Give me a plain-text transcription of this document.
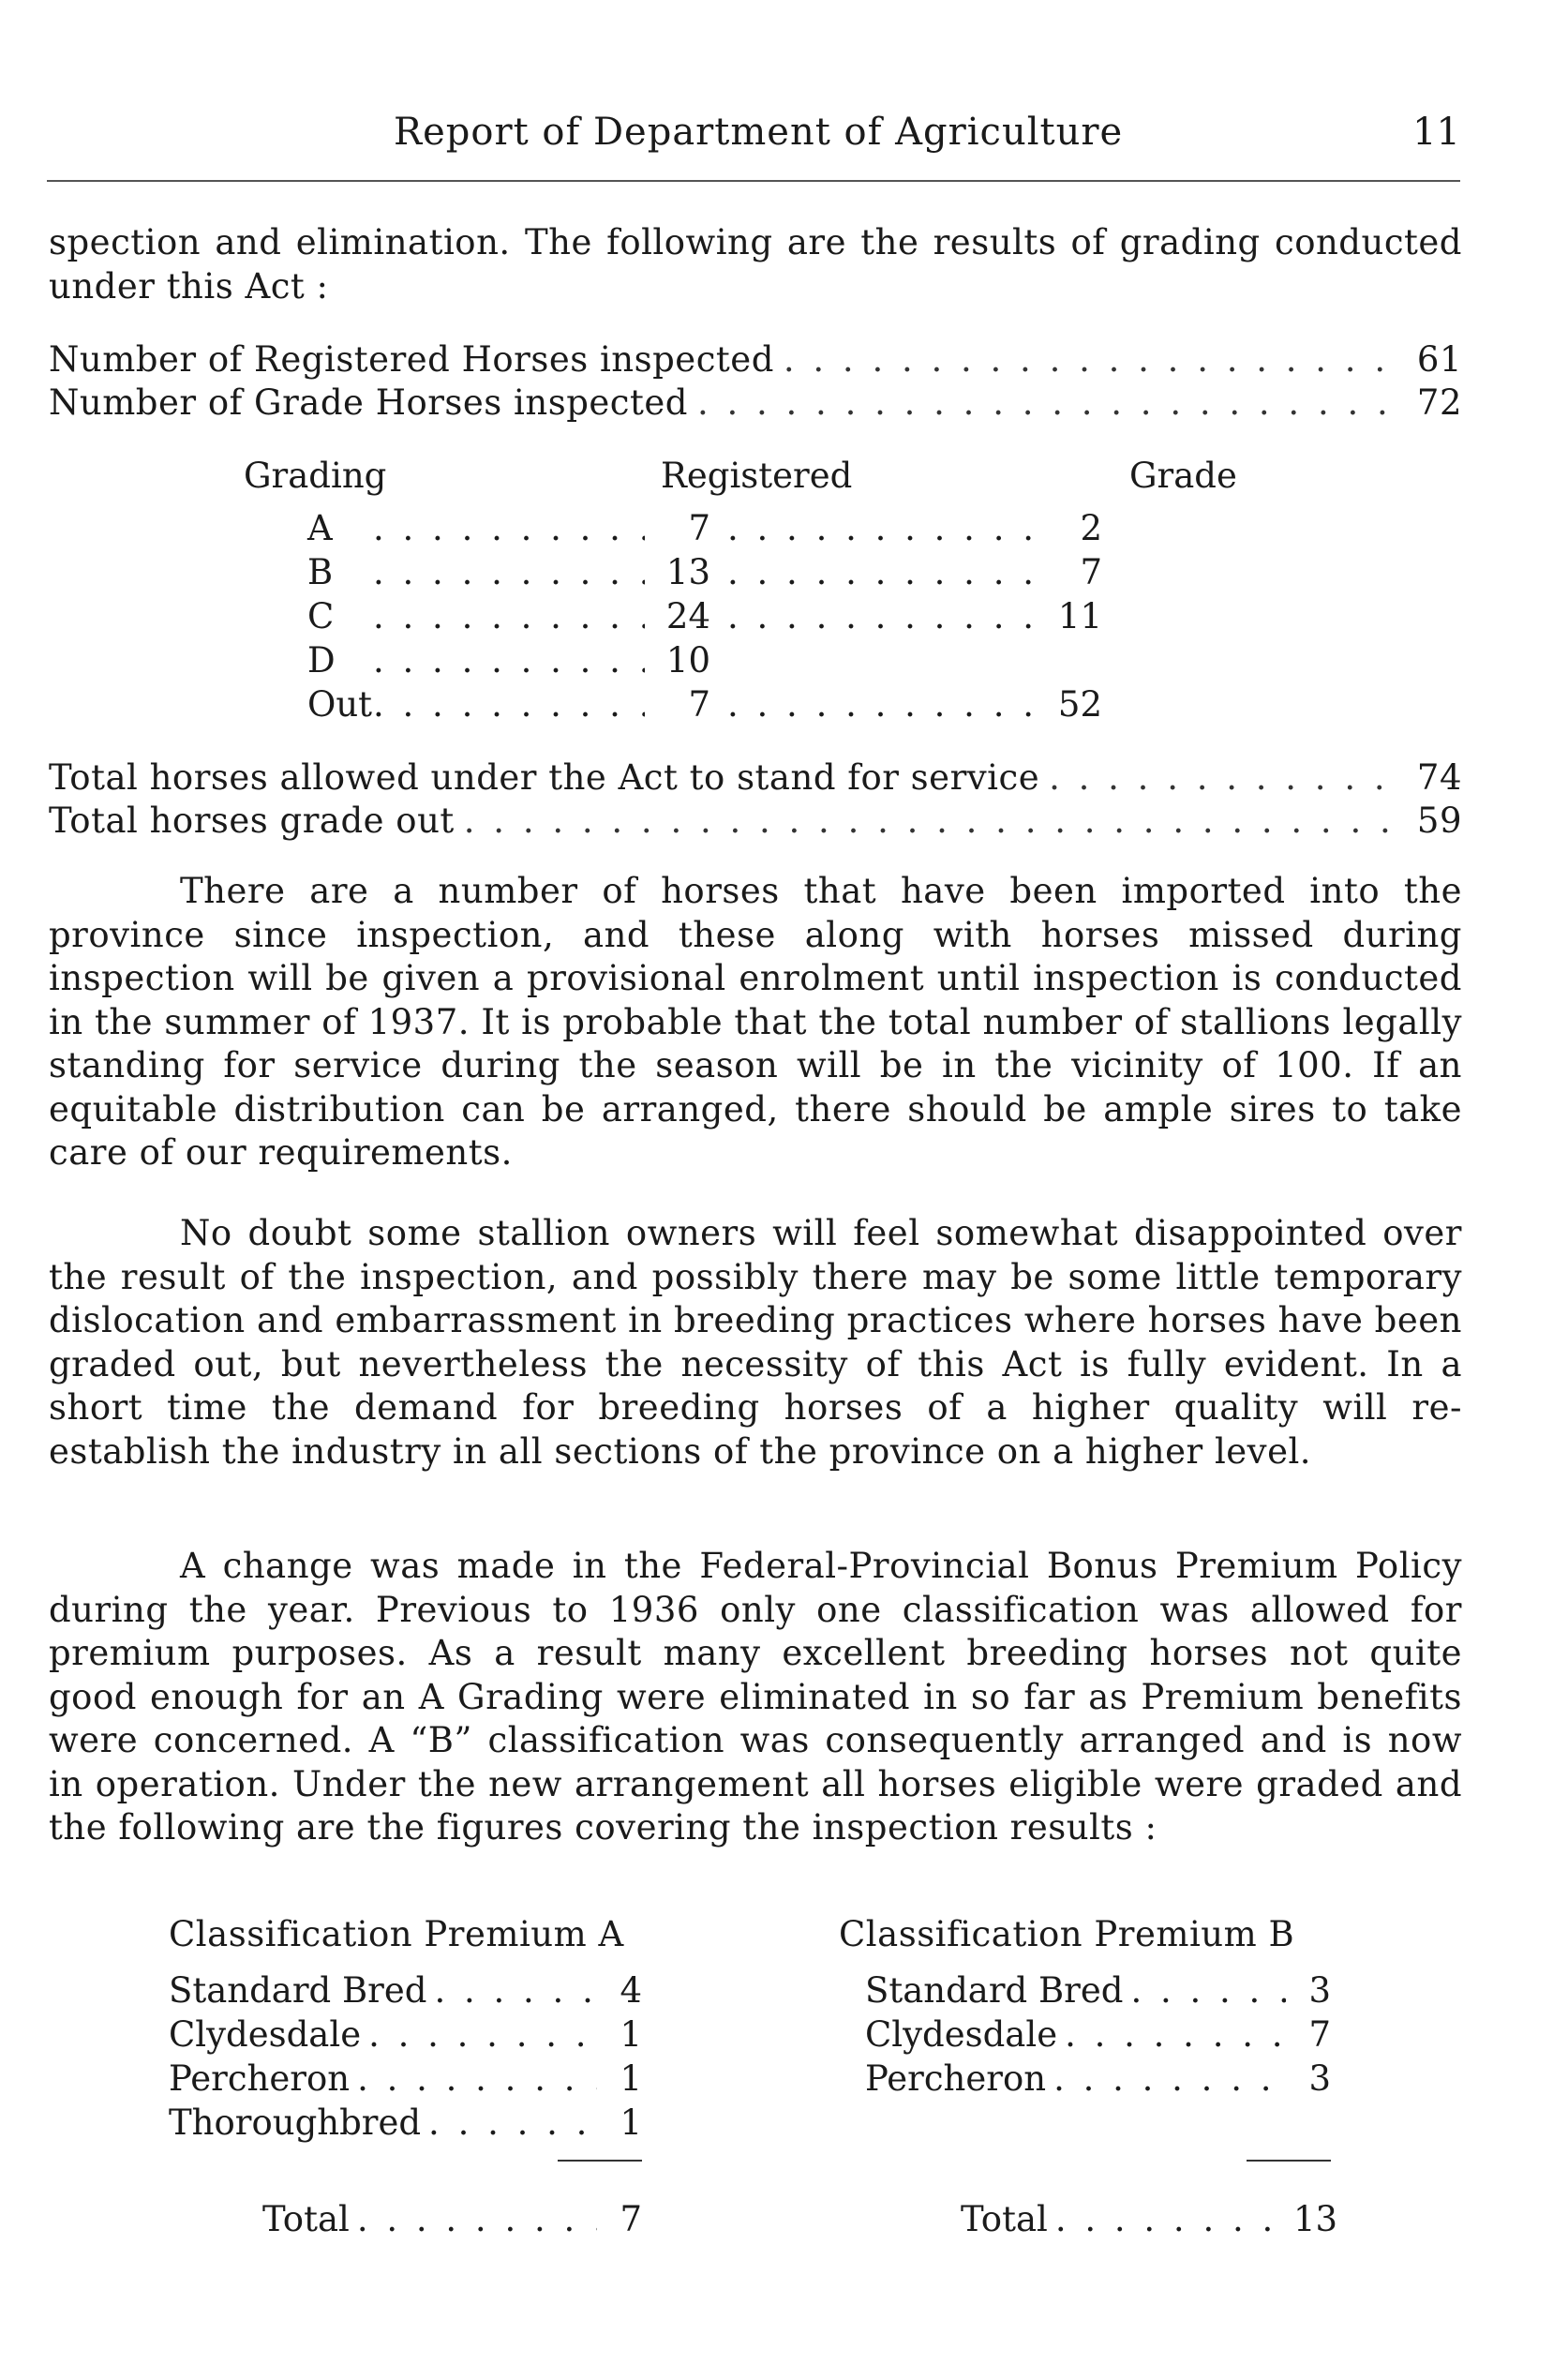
Report of Department of Agriculture	11
spection and elimination. The following are the results of grading conducted under this Act :
Number of Registered Horses inspected . . .	61
Number of Grade Horses inspected . . .	72
Grading	Registered	Grade
A . . .	7 . . .	2
B . . .	13 . . .	7
C . . .	24 . . .	11
D . . .	10
Out . . .	7 . . .	52
Total horses allowed under the Act to stand for service . . .	74
Total horses grade out . . .	59
There are a number of horses that have been imported into the province since inspection, and these along with horses missed during inspection will be given a provisional enrolment until inspection is conducted in the summer of 1937. It is probable that the total number of stallions legally standing for service during the season will be in the vicinity of 100. If an equitable distribution can be arranged, there should be ample sires to take care of our requirements.
No doubt some stallion owners will feel somewhat disappointed over the result of the inspection, and possibly there may be some little temporary dislocation and embarrassment in breeding practices where horses have been graded out, but nevertheless the necessity of this Act is fully evident. In a short time the demand for breeding horses of a higher quality will re-establish the industry in all sections of the province on a higher level.
A change was made in the Federal-Provincial Bonus Premium Policy during the year. Previous to 1936 only one classification was allowed for premium purposes. As a result many excellent breeding horses not quite good enough for an A Grading were eliminated in so far as Premium benefits were concerned. A “B” classification was consequently arranged and is now in operation. Under the new arrangement all horses eligible were graded and the following are the figures covering the inspection results :
Classification Premium A
Standard Bred . . .	4
Clydesdale . . .	1
Percheron . . .	1
Thoroughbred . . .	1
Total . . .	7
Classification Premium B
Standard Bred . . .	3
Clydesdale . . .	7
Percheron . . .	3
Total . . .	13
